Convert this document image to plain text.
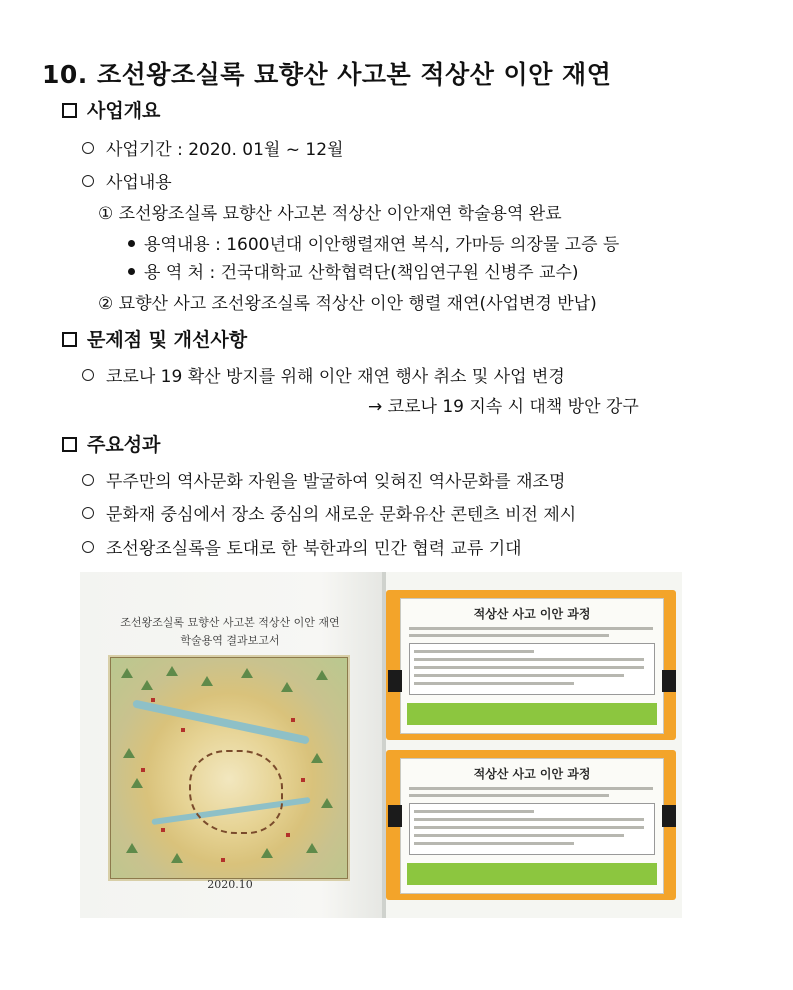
10. 조선왕조실록 묘향산 사고본 적상산 이안 재연
사업개요
사업기간 : 2020. 01월 ~ 12월
사업내용
① 조선왕조실록 묘향산 사고본 적상산 이안재연 학술용역 완료
용역내용 : 1600년대 이안행렬재연 복식, 가마등 의장물 고증 등
용 역 처 : 건국대학교 산학협력단(책임연구원 신병주 교수)
② 묘향산 사고 조선왕조실록 적상산 이안 행렬 재연(사업변경 반납)
문제점 및 개선사항
코로나 19 확산 방지를 위해 이안 재연 행사 취소 및 사업 변경
→ 코로나 19 지속 시 대책 방안 강구
주요성과
무주만의 역사문화 자원을 발굴하여 잊혀진 역사문화를 재조명
문화재 중심에서 장소 중심의 새로운 문화유산 콘텐츠 비전 제시
조선왕조실록을 토대로 한 북한과의 민간 협력 교류 기대
조선왕조실록 묘향산 사고본 적상산 이안 재연
학술용역 결과보고서
2020.10
적상산 사고 이안 과정
적상산 사고 이안 과정
